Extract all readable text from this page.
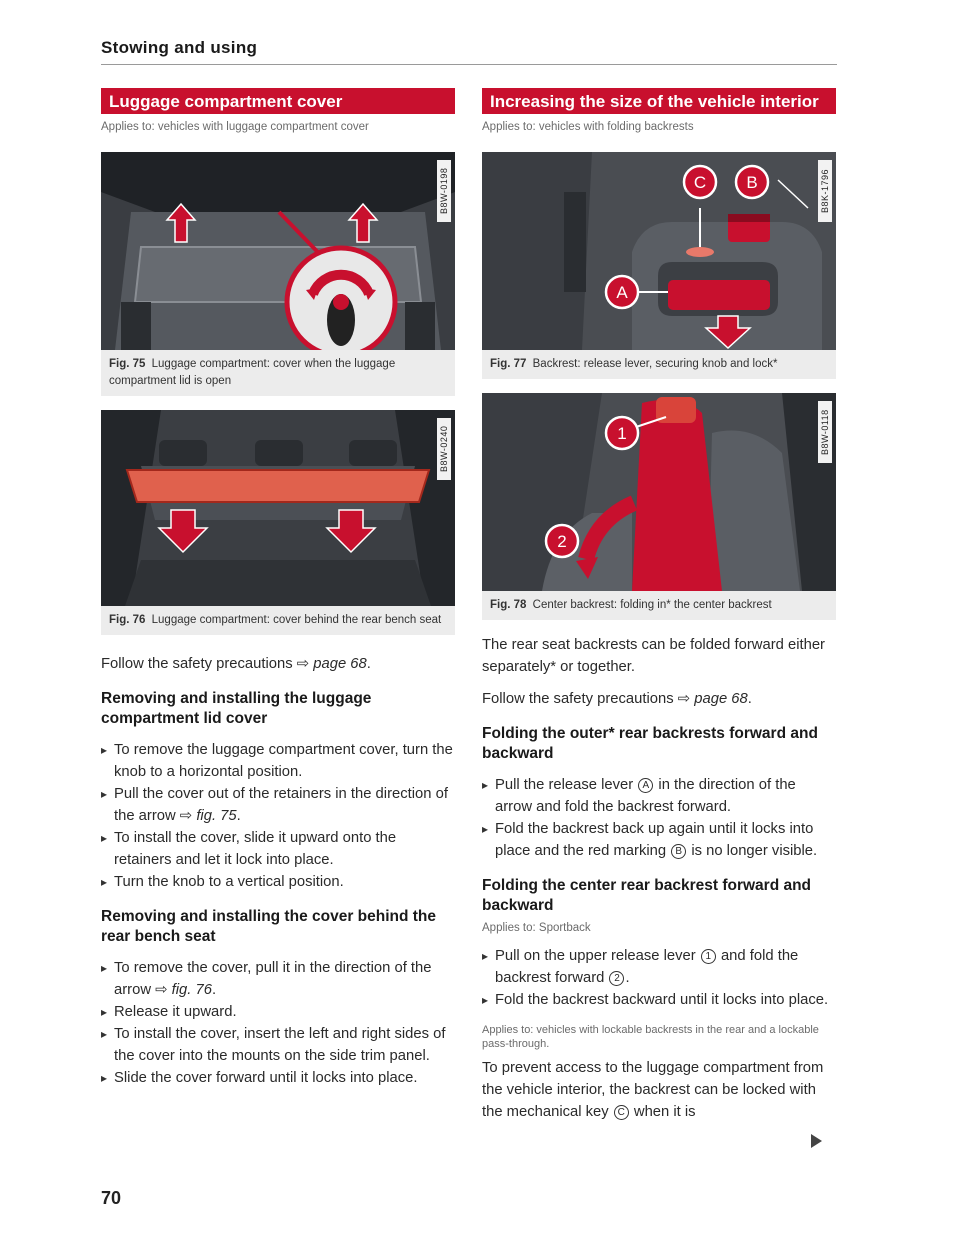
Stowing and using
Luggage compartment cover
Applies to: vehicles with luggage compartment cover
B8W-0198
Fig. 75 Luggage compartment: cover when the luggage compartment lid is open
B8W-0240
Fig. 76 Luggage compartment: cover behind the rear bench seat

Follow the safety precautions ⇨ page 68.

Removing and installing the luggage compartment lid cover
▸ To remove the luggage compartment cover, turn the knob to a horizontal position.
▸ Pull the cover out of the retainers in the direction of the arrow ⇨ fig. 75.
▸ To install the cover, slide it upward onto the retainers and let it lock into place.
▸ Turn the knob to a vertical position.
Removing and installing the cover behind the rear bench seat
▸ To remove the cover, pull it in the direction of the arrow ⇨ fig. 76.
▸ Release it upward.
▸ To install the cover, insert the left and right sides of the cover into the mounts on the side trim panel.
▸ Slide the cover forward until it locks into place.
Increasing the size of the vehicle interior
Applies to: vehicles with folding backrests
C B
A
B8K-1796
Fig. 77 Backrest: release lever, securing knob and lock*
1
2
B8W-0118
Fig. 78 Center backrest: folding in* the center backrest

The rear seat backrests can be folded forward either separately* or together.

Follow the safety precautions ⇨ page 68.

Folding the outer* rear backrests forward and backward
▸ Pull the release lever A in the direction of the arrow and fold the backrest forward.
▸ Fold the backrest back up again until it locks into place and the red marking B is no longer visible.
Folding the center rear backrest forward and backward
Applies to: Sportback
▸ Pull on the upper release lever 1 and fold the backrest forward 2 .
▸ Fold the backrest backward until it locks into place.

Applies to: vehicles with lockable backrests in the rear and a lockable pass-through.

To prevent access to the luggage compartment from the vehicle interior, the backrest can be locked with the mechanical key C when it is

70
